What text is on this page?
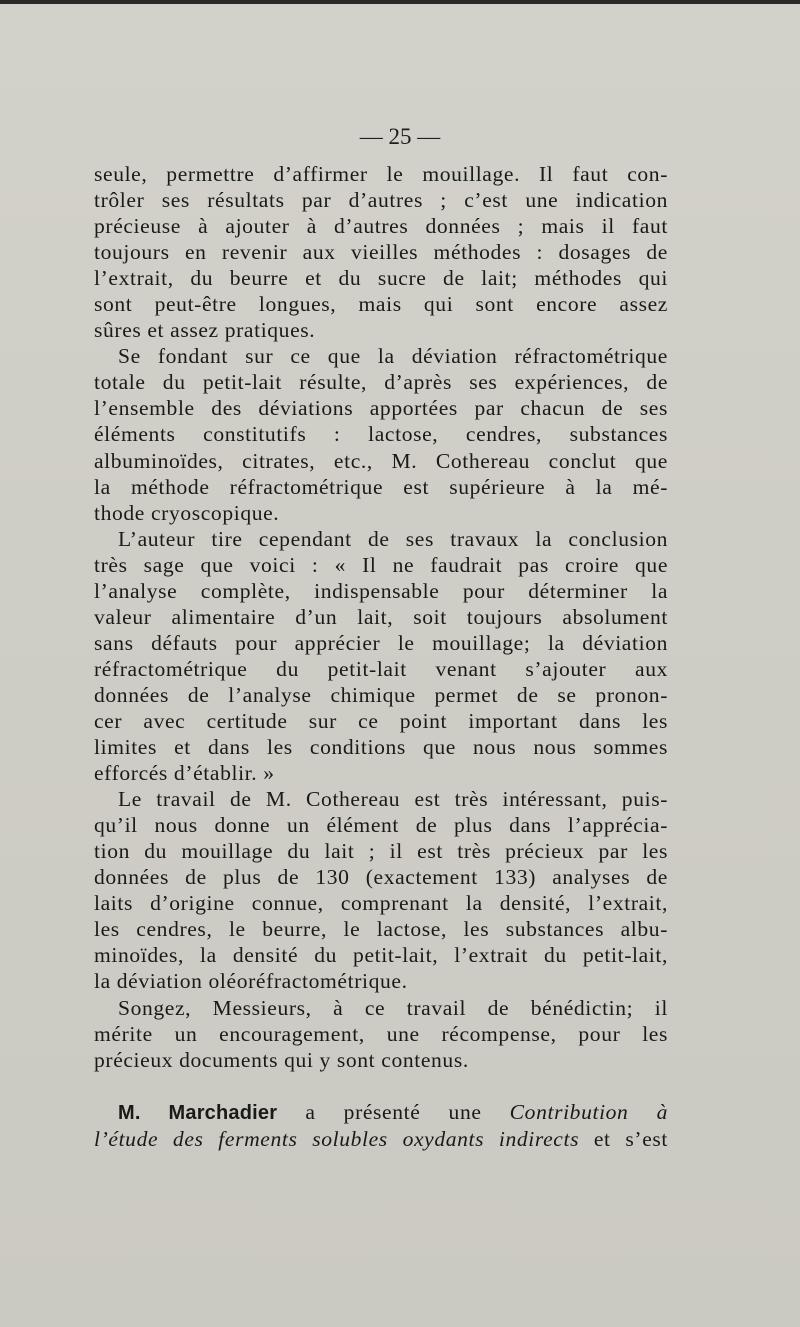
— 25 —
seule, permettre d’affirmer le mouillage. Il faut con-
trôler ses résultats par d’autres ; c’est une indication
précieuse à ajouter à d’autres données ; mais il faut
toujours en revenir aux vieilles méthodes : dosages de
l’extrait, du beurre et du sucre de lait; méthodes qui
sont peut-être longues, mais qui sont encore assez
sûres et assez pratiques.
Se fondant sur ce que la déviation réfractométrique
totale du petit-lait résulte, d’après ses expériences, de
l’ensemble des déviations apportées par chacun de ses
éléments constitutifs : lactose, cendres, substances
albuminoïdes, citrates, etc., M. Cothereau conclut que
la méthode réfractométrique est supérieure à la mé-
thode cryoscopique.
L’auteur tire cependant de ses travaux la conclusion
très sage que voici : « Il ne faudrait pas croire que
l’analyse complète, indispensable pour déterminer la
valeur alimentaire d’un lait, soit toujours absolument
sans défauts pour apprécier le mouillage; la déviation
réfractométrique du petit-lait venant s’ajouter aux
données de l’analyse chimique permet de se pronon-
cer avec certitude sur ce point important dans les
limites et dans les conditions que nous nous sommes
efforcés d’établir. »
Le travail de M. Cothereau est très intéressant, puis-
qu’il nous donne un élément de plus dans l’apprécia-
tion du mouillage du lait ; il est très précieux par les
données de plus de 130 (exactement 133) analyses de
laits d’origine connue, comprenant la densité, l’extrait,
les cendres, le beurre, le lactose, les substances albu-
minoïdes, la densité du petit-lait, l’extrait du petit-lait,
la déviation oléoréfractométrique.
Songez, Messieurs, à ce travail de bénédictin; il
mérite un encouragement, une récompense, pour les
précieux documents qui y sont contenus.
M. Marchadier a présenté une Contribution à
l’étude des ferments solubles oxydants indirects et s’est
